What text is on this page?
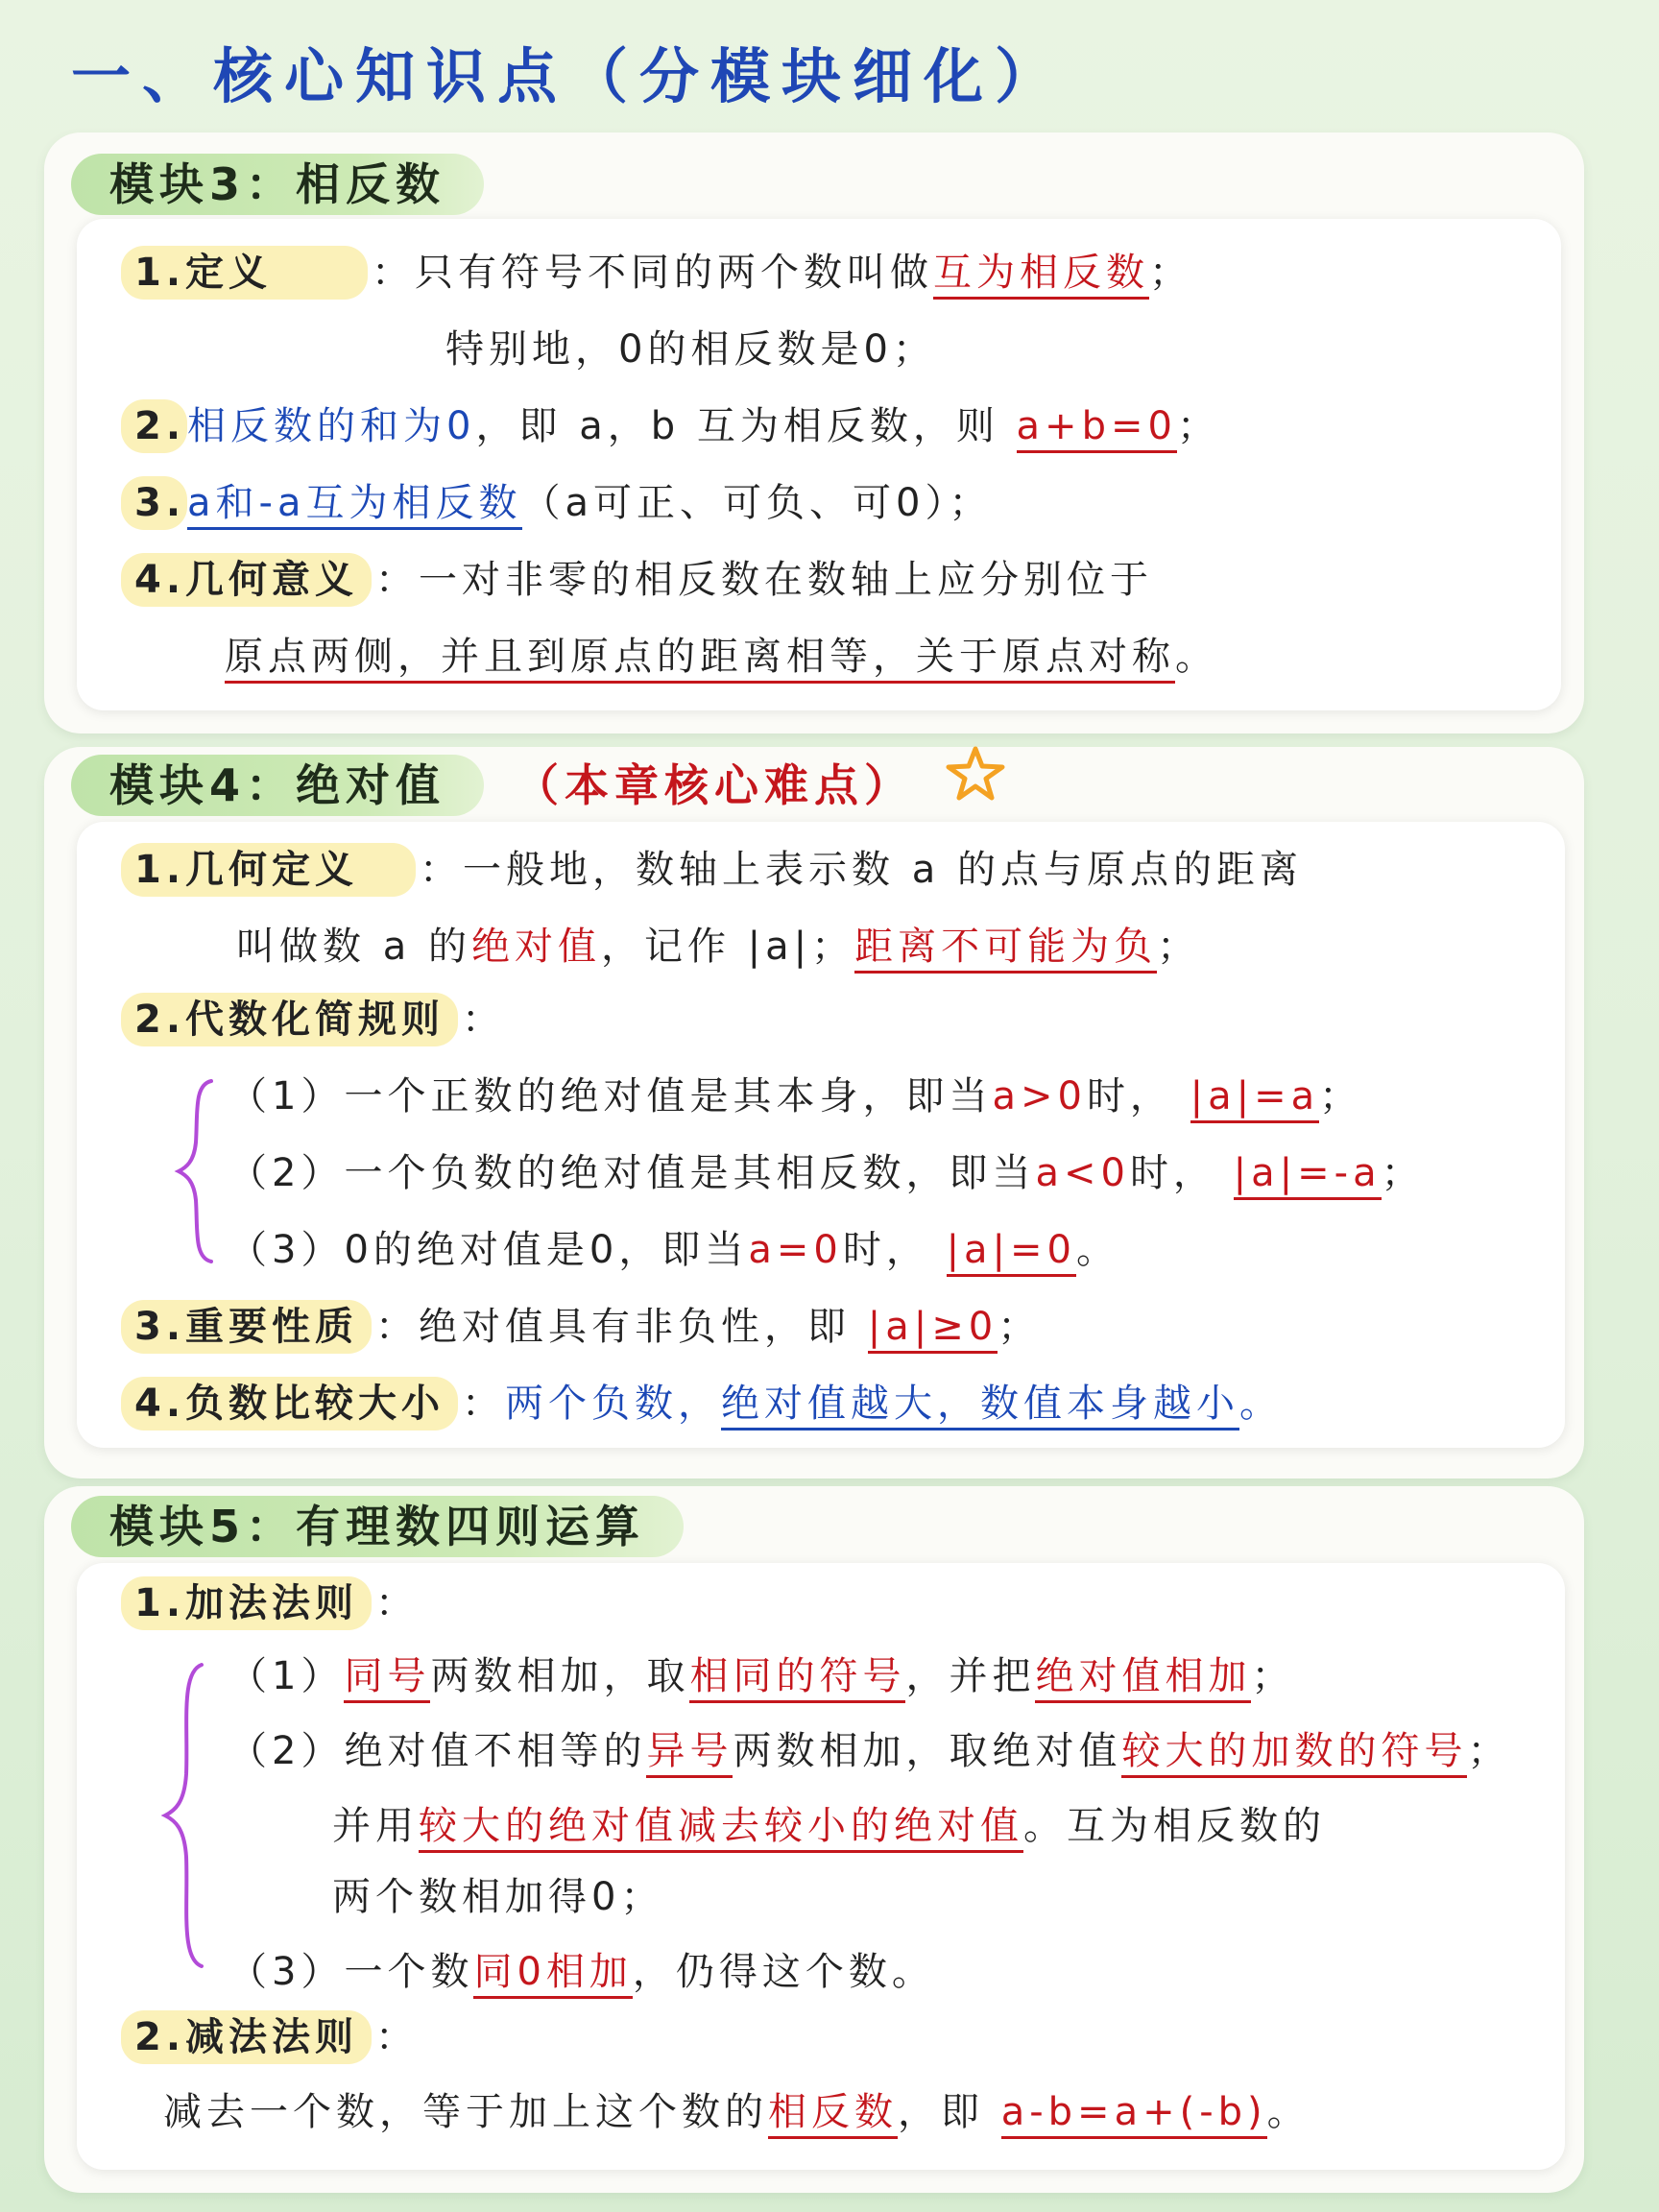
一、核心知识点（分模块细化）
模块3：相反数
1.定义	：只有符号不同的两个数叫做互为相反数；
特别地，0的相反数是0；
2.相反数的和为0，即 a，b 互为相反数，则 a+b=0；
3.a和-a互为相反数（a可正、可负、可0）；
4.几何意义 ：一对非零的相反数在数轴上应分别位于
原点两侧，并且到原点的距离相等，关于原点对称。
模块4：绝对值	（本章核心难点）
1.几何定义 ：一般地，数轴上表示数 a 的点与原点的距离
叫做数 a 的绝对值，记作 |a|；距离不可能为负；
2.代数化简规则 ：
（1）一个正数的绝对值是其本身，即当a>0时， |a|=a；
（2）一个负数的绝对值是其相反数，即当a<0时， |a|=-a；
（3）0的绝对值是0，即当a=0时， |a|=0。
3.重要性质 ：绝对值具有非负性，即 |a|≥0；
4.负数比较大小 ：两个负数，绝对值越大，数值本身越小。
模块5：有理数四则运算
1.加法法则 ：
（1）同号两数相加，取相同的符号，并把绝对值相加；
（2）绝对值不相等的异号两数相加，取绝对值较大的加数的符号；
并用较大的绝对值减去较小的绝对值。互为相反数的
两个数相加得0；
（3）一个数同0相加，仍得这个数。
2.减法法则 ：
减去一个数，等于加上这个数的相反数，即 a-b=a+(-b)。
